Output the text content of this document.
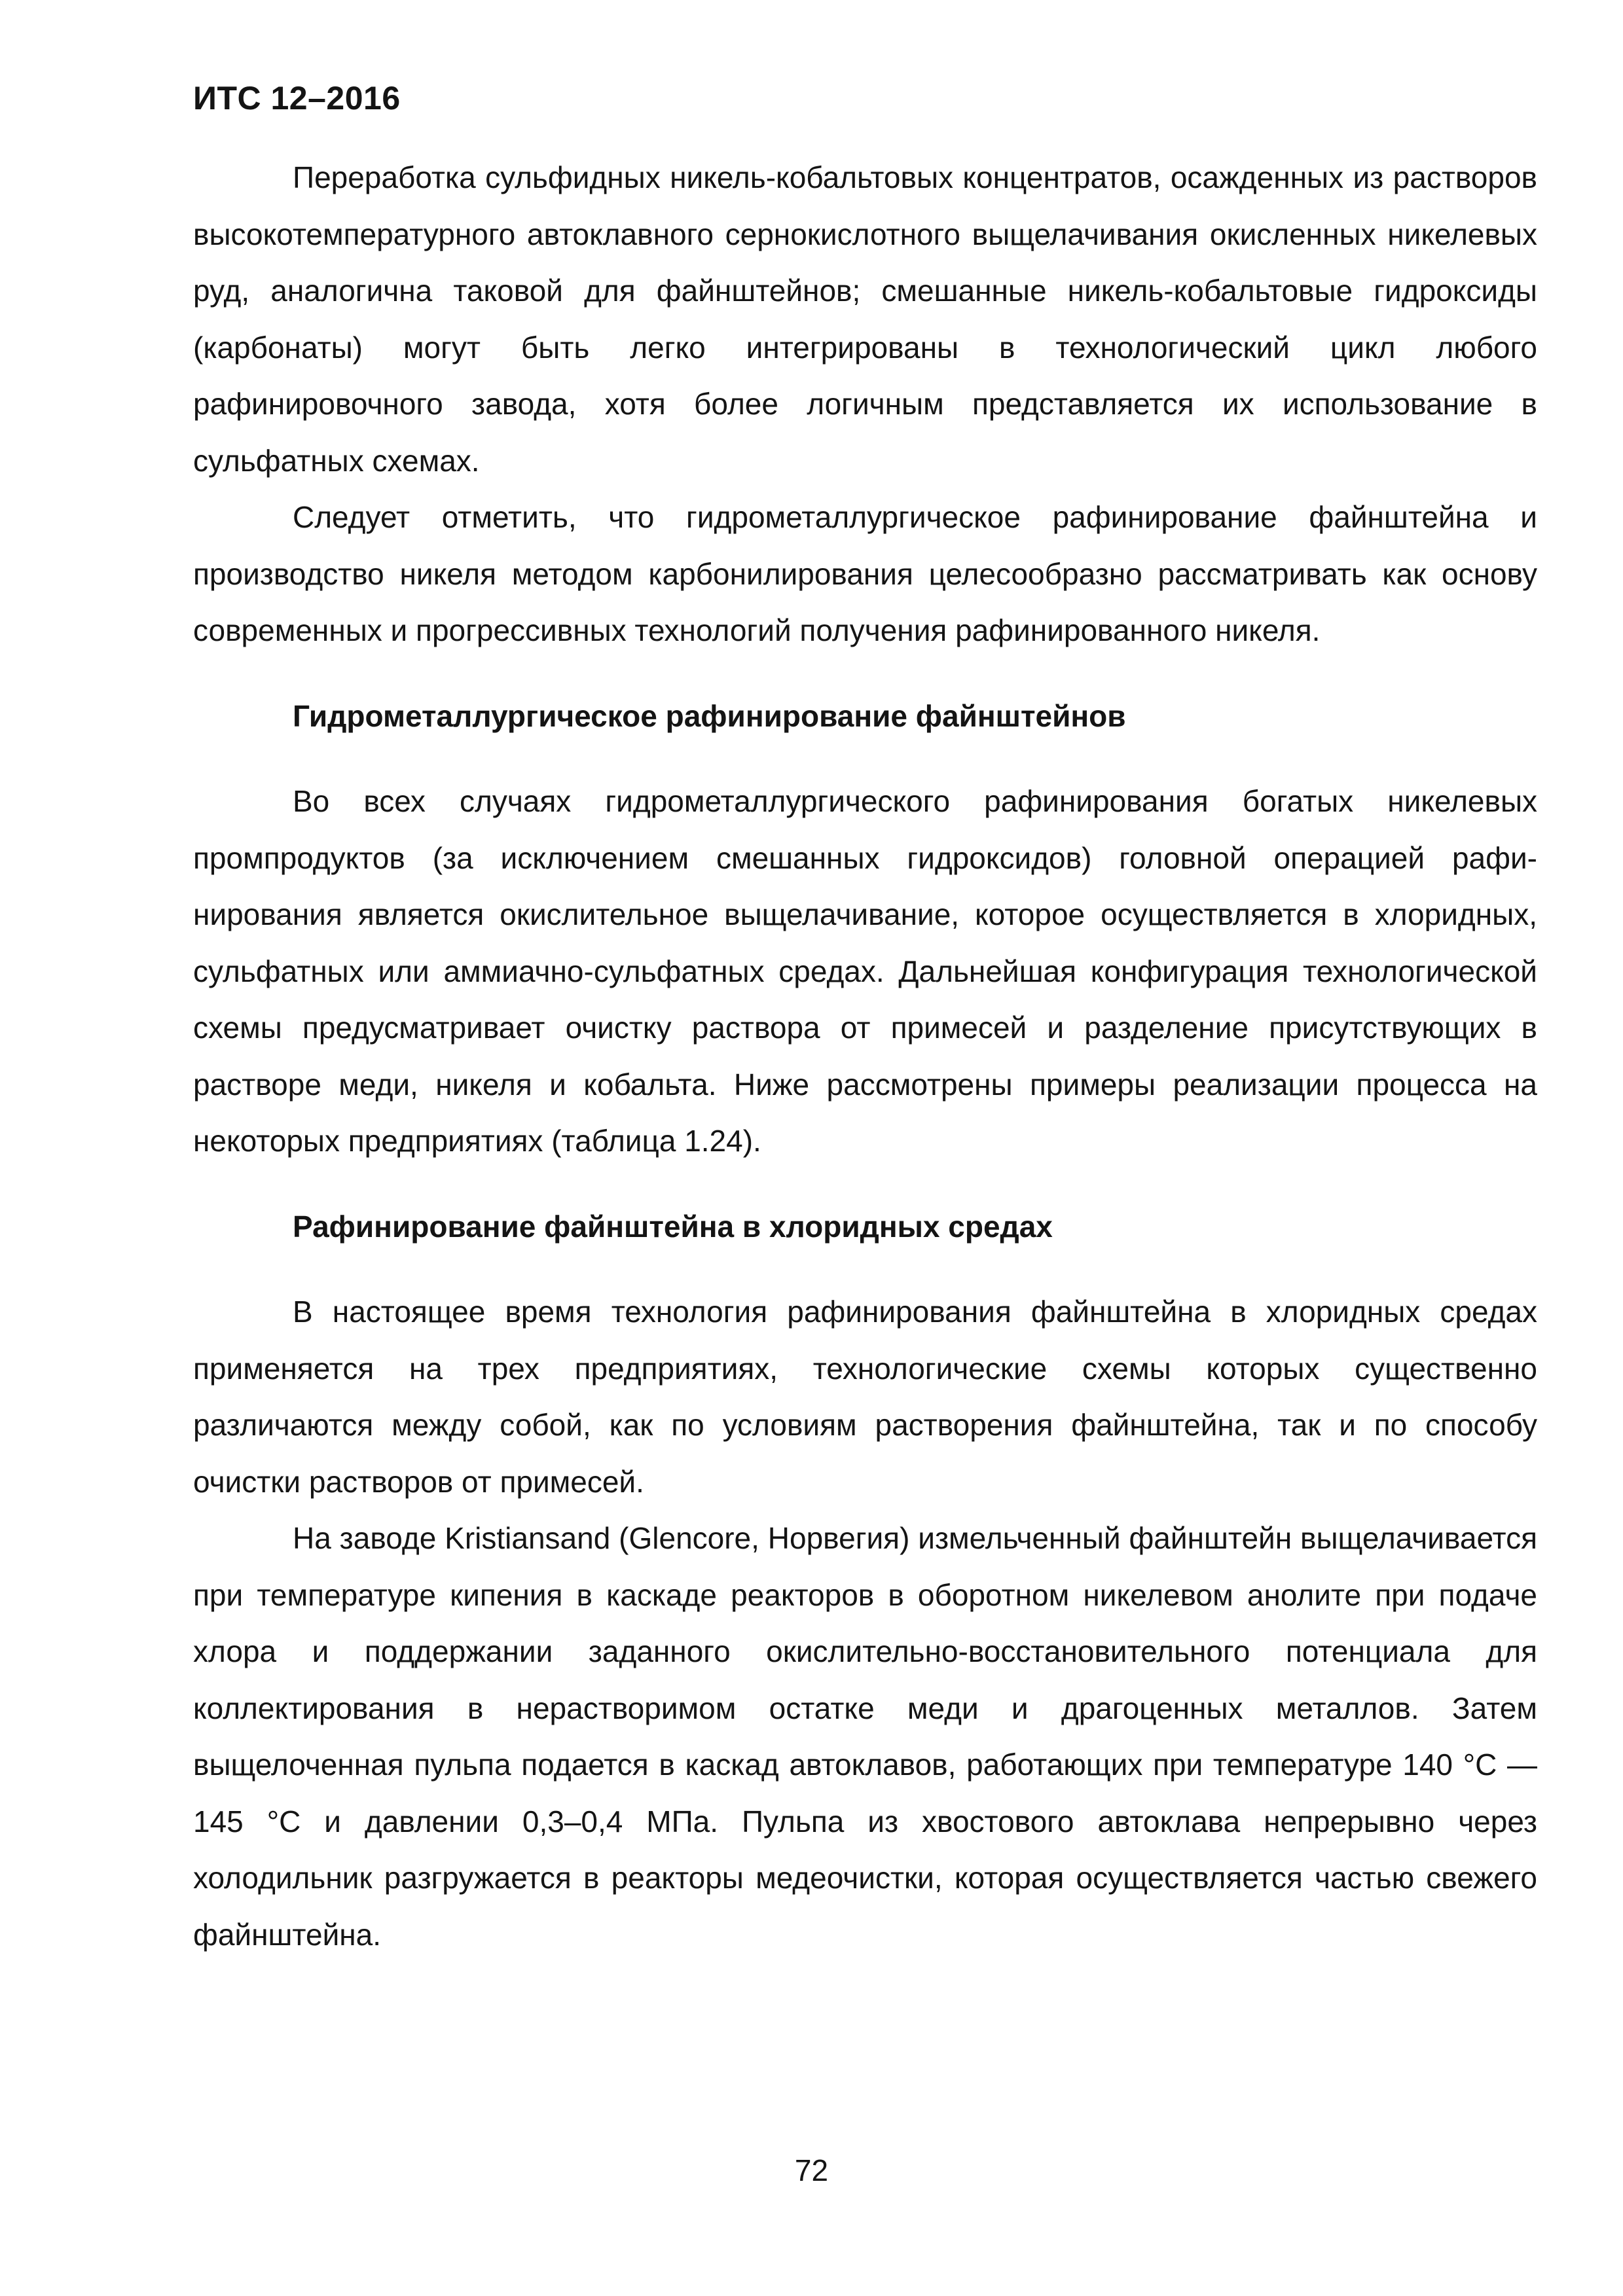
ИТС 12–2016

Переработка сульфидных никель-кобальтовых концентратов, осажденных из растворов высокотемпературного автоклавного сернокислотного выщелачивания окисленных никелевых руд, аналогична таковой для файнштейнов; смешанные никель-кобальтовые гидроксиды (карбонаты) могут быть легко интегрированы в технологический цикл любого рафинировочного завода, хотя более логичным представляется их использование в сульфатных схемах.

Следует отметить, что гидрометаллургическое рафинирование файнштейна и производство никеля методом карбонилирования целесообразно рассматривать как основу современных и прогрессивных технологий получения рафинированного никеля.

Гидрометаллургическое рафинирование файнштейнов

Во всех случаях гидрометаллургического рафинирования богатых никелевых промпродуктов (за исключением смешанных гидроксидов) головной операцией рафинирования является окислительное выщелачивание, которое осуществляется в хлоридных, сульфатных или аммиачно-сульфатных средах. Дальнейшая конфигурация технологической схемы предусматривает очистку раствора от примесей и разделение присутствующих в растворе меди, никеля и кобальта. Ниже рассмотрены примеры реализации процесса на некоторых предприятиях (таблица 1.24).

Рафинирование файнштейна в хлоридных средах

В настоящее время технология рафинирования файнштейна в хлоридных средах применяется на трех предприятиях, технологические схемы которых существенно различаются между собой, как по условиям растворения файнштейна, так и по способу очистки растворов от примесей.

На заводе Kristiansand (Glencore, Норвегия) измельченный файнштейн выщелачивается при температуре кипения в каскаде реакторов в оборотном никелевом анолите при подаче хлора и поддержании заданного окислительно-восстановительного потенциала для коллектирования в нерастворимом остатке меди и драгоценных металлов. Затем выщелоченная пульпа подается в каскад автоклавов, работающих при температуре 140 °С — 145 °С и давлении 0,3–0,4 МПа. Пульпа из хвостового автоклава непрерывно через холодильник разгружается в реакторы медеочистки, которая осуществляется частью свежего файнштейна.

72
